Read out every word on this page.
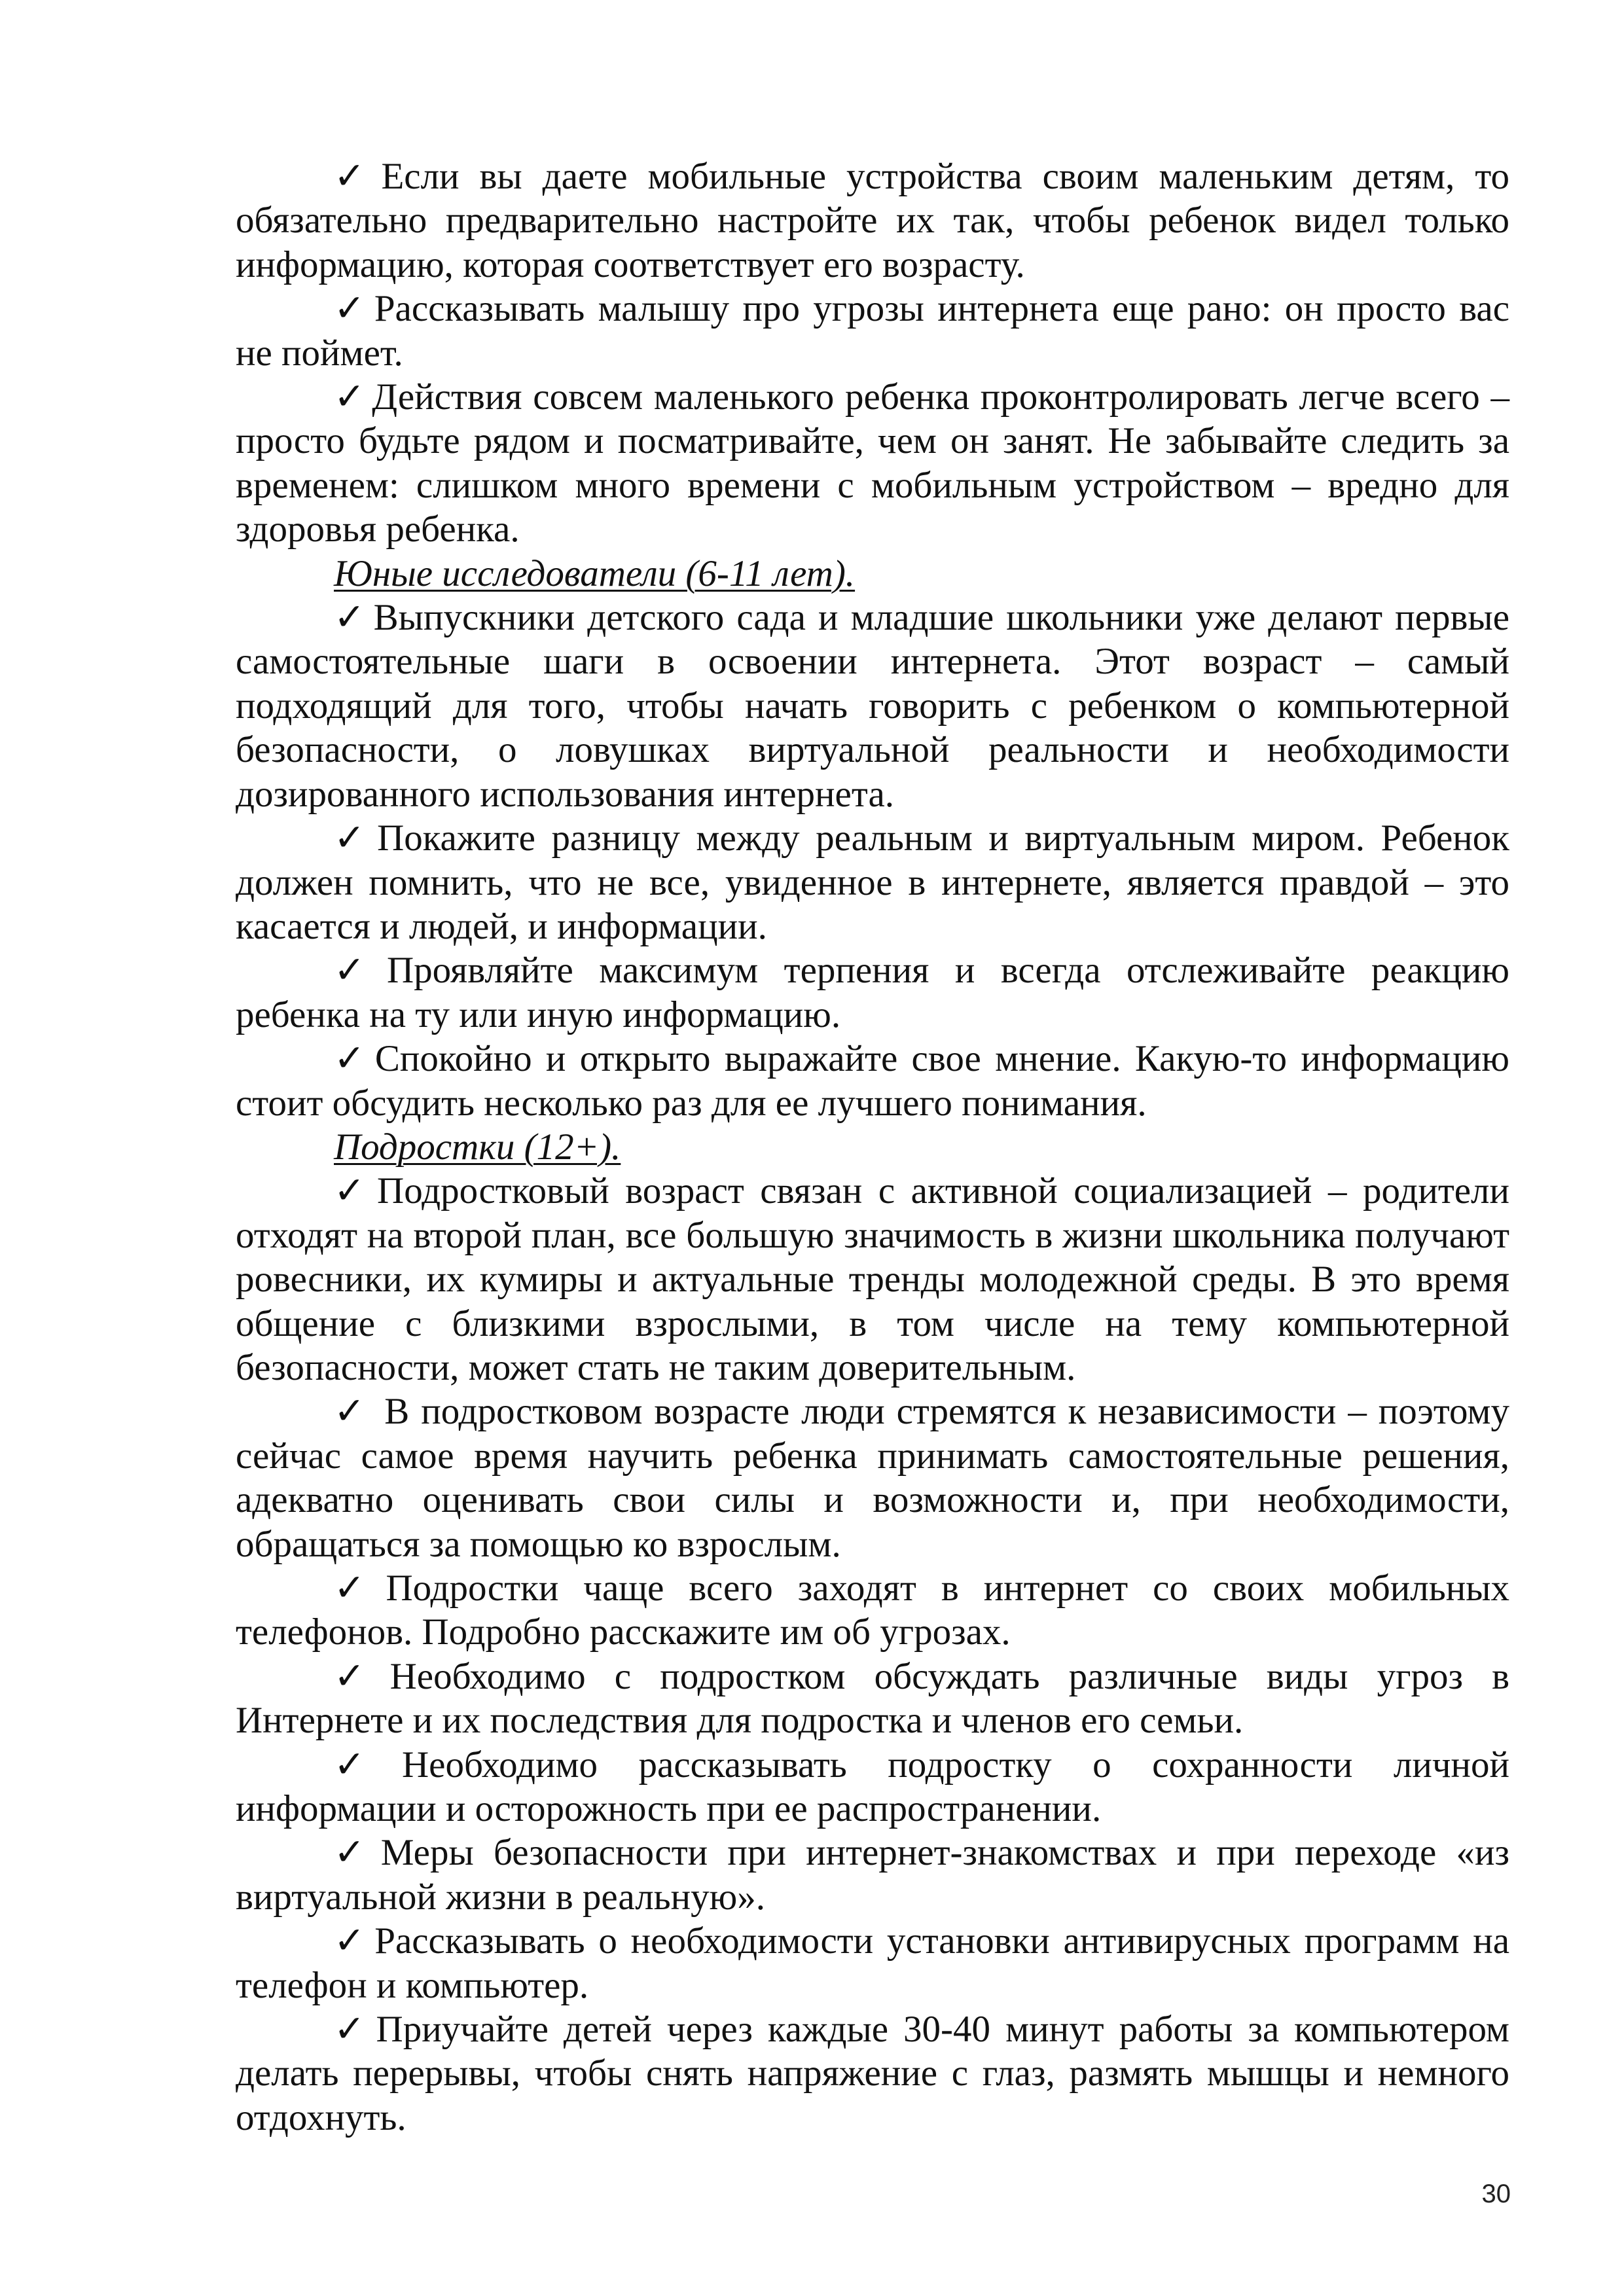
✓ Если вы даете мобильные устройства своим маленьким детям, то обязательно предварительно настройте их так, чтобы ребенок видел только информацию, которая соответствует его возрасту.

✓ Рассказывать малышу про угрозы интернета еще рано: он просто вас не поймет.

✓ Действия совсем маленького ребенка проконтролировать легче всего – просто будьте рядом и посматривайте, чем он занят. Не забывайте следить за временем: слишком много времени с мобильным устройством – вредно для здоровья ребенка.

Юные исследователи (6-11 лет).

✓ Выпускники детского сада и младшие школьники уже делают первые самостоятельные шаги в освоении интернета. Этот возраст – самый подходящий для того, чтобы начать говорить с ребенком о компьютерной безопасности, о ловушках виртуальной реальности и необходимости дозированного использования интернета.

✓ Покажите разницу между реальным и виртуальным миром. Ребенок должен помнить, что не все, увиденное в интернете, является правдой – это касается и людей, и информации.

✓ Проявляйте максимум терпения и всегда отслеживайте реакцию ребенка на ту или иную информацию.

✓ Спокойно и открыто выражайте свое мнение. Какую-то информацию стоит обсудить несколько раз для ее лучшего понимания.

Подростки (12+).

✓ Подростковый возраст связан с активной социализацией – родители отходят на второй план, все большую значимость в жизни школьника получают ровесники, их кумиры и актуальные тренды молодежной среды. В это время общение с близкими взрослыми, в том числе на тему компьютерной безопасности, может стать не таким доверительным.

✓ В подростковом возрасте люди стремятся к независимости – поэтому сейчас самое время научить ребенка принимать самостоятельные решения, адекватно оценивать свои силы и возможности и, при необходимости, обращаться за помощью ко взрослым.

✓ Подростки чаще всего заходят в интернет со своих мобильных телефонов. Подробно расскажите им об угрозах.

✓ Необходимо с подростком обсуждать различные виды угроз в Интернете и их последствия для подростка и членов его семьи.

✓ Необходимо рассказывать подростку о сохранности личной информации и осторожность при ее распространении.

✓ Меры безопасности при интернет-знакомствах и при переходе «из виртуальной жизни в реальную».

✓ Рассказывать о необходимости установки антивирусных программ на телефон и компьютер.

✓ Приучайте детей через каждые 30-40 минут работы за компьютером делать перерывы, чтобы снять напряжение с глаз, размять мышцы и немного отдохнуть.

30
